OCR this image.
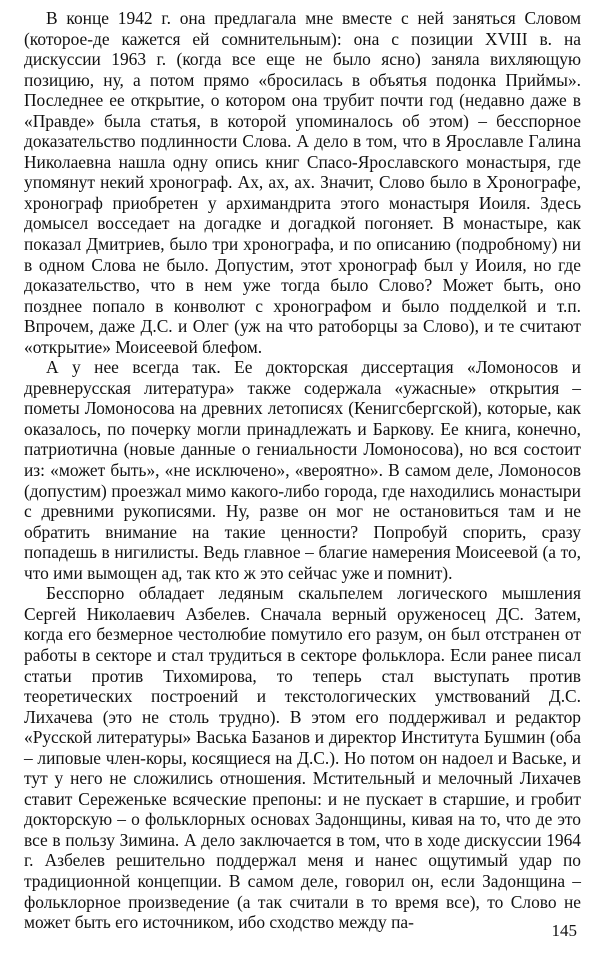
В конце 1942 г. она предлагала мне вместе с ней заняться Словом (которое-де кажется ей сомнительным): она с позиции XVIII в. на дискуссии 1963 г. (когда все еще не было ясно) заняла вихляющую позицию, ну, а потом прямо «бросилась в объятья подонка Приймы». Последнее ее открытие, о котором она трубит почти год (недавно даже в «Правде» была статья, в которой упоминалось об этом) – бесспорное доказательство подлинности Слова. А дело в том, что в Ярославле Галина Николаевна нашла одну опись книг Спасо-Ярославского монастыря, где упомянут некий хронограф. Ах, ах, ах. Значит, Слово было в Хронографе, хронограф приобретен у архимандрита этого монастыря Иоиля. Здесь домысел восседает на догадке и догадкой погоняет. В монастыре, как показал Дмитриев, было три хронографа, и по описанию (подробному) ни в одном Слова не было. Допустим, этот хронограф был у Иоиля, но где доказательство, что в нем уже тогда было Слово? Может быть, оно позднее попало в конволют с хронографом и было подделкой и т.п. Впрочем, даже Д.С. и Олег (уж на что ратоборцы за Слово), и те считают «открытие» Моисеевой блефом.

А у нее всегда так. Ее докторская диссертация «Ломоносов и древнерусская литература» также содержала «ужасные» открытия – пометы Ломоносова на древних летописях (Кенигсбергской), которые, как оказалось, по почерку могли принадлежать и Баркову. Ее книга, конечно, патриотична (новые данные о гениальности Ломоносова), но вся состоит из: «может быть», «не исключено», «вероятно». В самом деле, Ломоносов (допустим) проезжал мимо какого-либо города, где находились монастыри с древними рукописями. Ну, разве он мог не остановиться там и не обратить внимание на такие ценности? Попробуй спорить, сразу попадешь в нигилисты. Ведь главное – благие намерения Моисеевой (а то, что ими вымощен ад, так кто ж это сейчас уже и помнит).

Бесспорно обладает ледяным скальпелем логического мышления Сергей Николаевич Азбелев. Сначала верный оруженосец ДС. Затем, когда его безмерное честолюбие помутило его разум, он был отстранен от работы в секторе и стал трудиться в секторе фольклора. Если ранее писал статьи против Тихомирова, то теперь стал выступать против теоретических построений и текстологических умствований Д.С. Лихачева (это не столь трудно). В этом его поддерживал и редактор «Русской литературы» Васька Базанов и директор Института Бушмин (оба – липовые член-коры, косящиеся на Д.С.). Но потом он надоел и Ваське, и тут у него не сложились отношения. Мстительный и мелочный Лихачев ставит Сереженьке всяческие препоны: и не пускает в старшие, и гробит докторскую – о фольклорных основах Задонщины, кивая на то, что де это все в пользу Зимина. А дело заключается в том, что в ходе дискуссии 1964 г. Азбелев решительно поддержал меня и нанес ощутимый удар по традиционной концепции. В самом деле, говорил он, если Задонщина – фольклорное произведение (а так считали в то время все), то Слово не может быть его источником, ибо сходство между па-	145
